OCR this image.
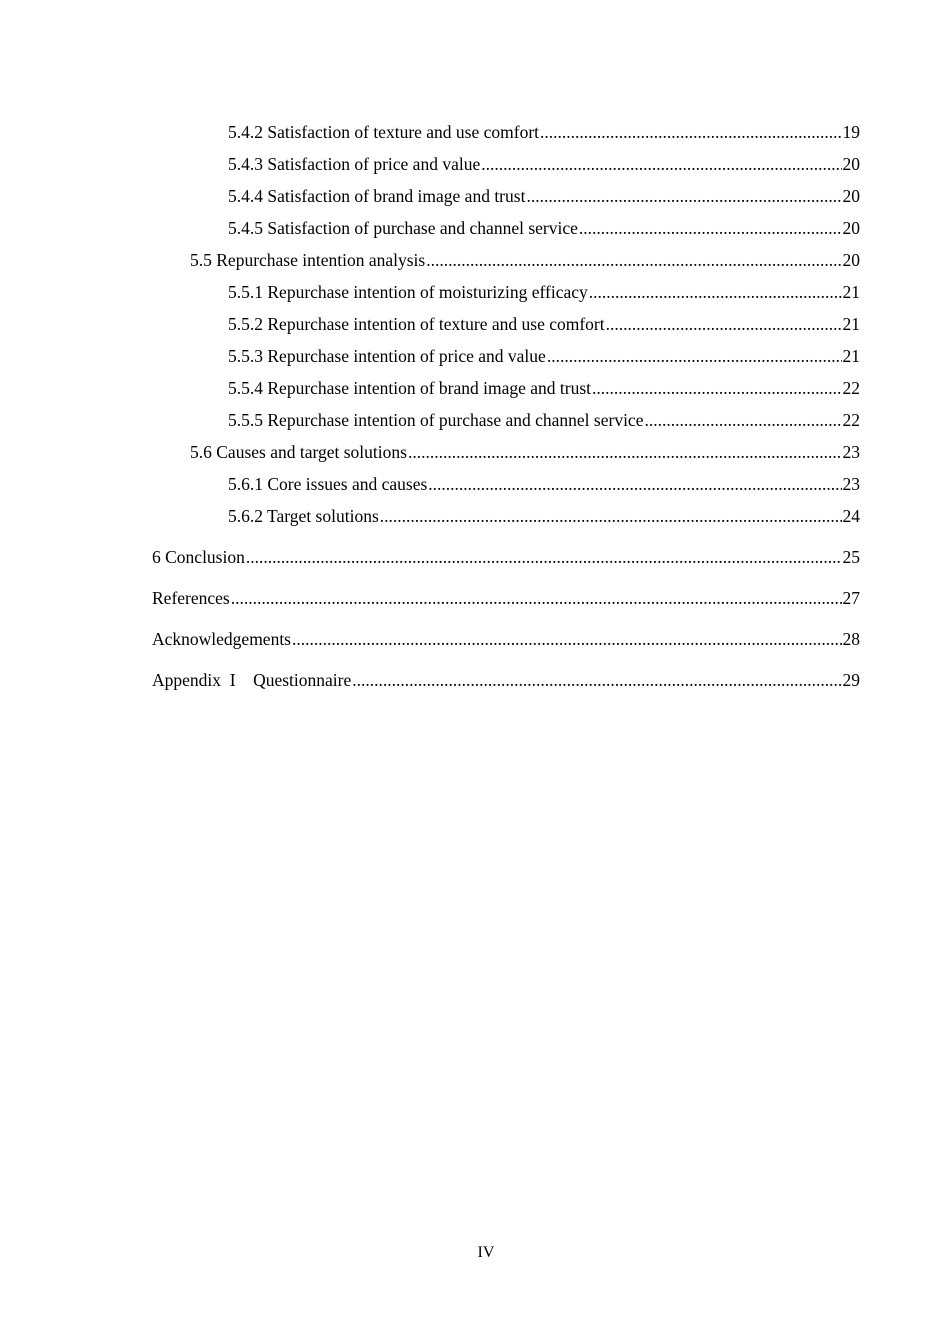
5.4.2 Satisfaction of texture and use comfort .....	19
5.4.3 Satisfaction of price and value .....	20
5.4.4 Satisfaction of brand image and trust .....	20
5.4.5 Satisfaction of purchase and channel service .....	20
5.5 Repurchase intention analysis .....	20
5.5.1 Repurchase intention of moisturizing efficacy .....	21
5.5.2 Repurchase intention of texture and use comfort .....	21
5.5.3 Repurchase intention of price and value .....	21
5.5.4 Repurchase intention of brand image and trust .....	22
5.5.5 Repurchase intention of purchase and channel service .....	22
5.6 Causes and target solutions .....	23
5.6.1 Core issues and causes .....	23
5.6.2 Target solutions .....	24
6 Conclusion .....	25
References .....	27
Acknowledgements .....	28
Appendix  I    Questionnaire .....	29
IV
